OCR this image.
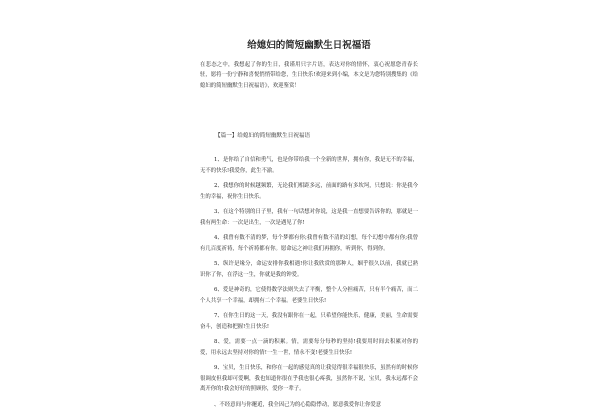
给媳妇的简短幽默生日祝福语

在悲态之中，我想起了你的生日，我谨用只字片语，表达对你的情怀，衷心祝愿您青春长驻，愿将一份宁静和喜悦悄悄带给您，生日快乐!欢迎来到小编，本文是为您特别搜集的《给媳妇的简短幽默生日祝福语》，欢迎鉴赏！

【篇一】给媳妇的简短幽默生日祝福语

1、是你给了自信和勇气，也是你带给我一个全新的世界，拥有你，我是无不的幸福，无不的快乐!我爱你，此生不渝。

2、我想你的时候越频繁，无论我们相距多远，前面的路有多坎坷，只想说：你是我今生的幸福，祝你生日快乐。

3、在这个特别的日子里，我有一句话想对你说，这是我一直想要告诉你的，那就是一我有两生命：一次是出生，一次是遇见了你!

4、我曾有数不清的梦，每个梦都有你;我曾有数不清的幻想，每个幻想中都有你;我曾有几百度祈祷，每个祈祷都有你。愿命运之神让我们再拥你，听到你，得到你。

5、纵许是缘分，命运安排你我相遇!你让我欣赏的那种人，姻乎很久以前，我就已熟识你了你，在浮这一生，你就是我的钟爱。

6、爱是神奇的，它使得数学法则失去了平衡，整个人分担痛苦，只有半个痛苦，而二个人共享一个幸福，却拥有二个幸福。老婆生日快乐!

7、在你生日的这一天，我没有跟你在一起，只希望你能快乐，健康，美丽，生命需要奋斗，创造和把握!生日快乐!

8、爱，需要一点一滴的积累。情，需要每分每秒的坚持!我要用时间去积累对你的爱，用永远去坚持对你的情!一生一世，情永不变!老婆生日快乐!

9、宝贝，生日快乐，和你在一起的感觉真的让我觉得很幸福很快乐，虽然有的时候你很调皮但我却可爱啊，我也知道你很在乎我也很心疼我，虽然你不说，宝贝，我永远都不会离开你的!我会好好的照顾你，爱你一辈子。

、不经意间与你邂逅，我全因己为的心隐隐悸动，愿意我爱你让你爱意
